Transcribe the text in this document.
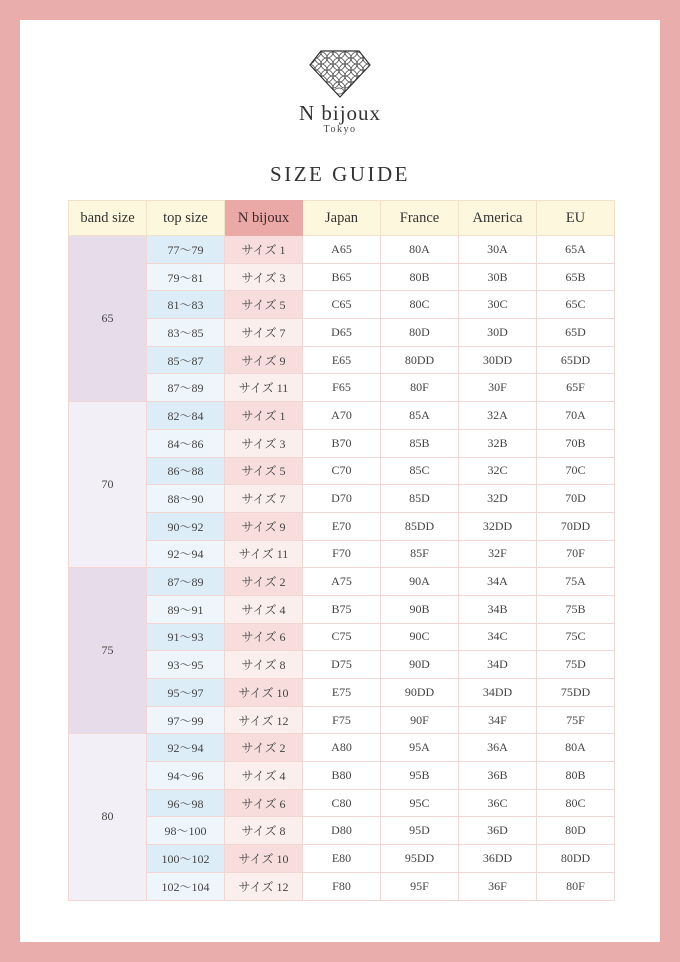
N bijoux
Tokyo
SIZE GUIDE
band size	top size	N bijoux	Japan	France	America	EU
65	77～79	サイズ 1	A65	80A	30A	65A
	79～81	サイズ 3	B65	80B	30B	65B
	81～83	サイズ 5	C65	80C	30C	65C
	83～85	サイズ 7	D65	80D	30D	65D
	85～87	サイズ 9	E65	80DD	30DD	65DD
	87～89	サイズ 11	F65	80F	30F	65F
70	82～84	サイズ 1	A70	85A	32A	70A
	84～86	サイズ 3	B70	85B	32B	70B
	86～88	サイズ 5	C70	85C	32C	70C
	88～90	サイズ 7	D70	85D	32D	70D
	90～92	サイズ 9	E70	85DD	32DD	70DD
	92～94	サイズ 11	F70	85F	32F	70F
75	87～89	サイズ 2	A75	90A	34A	75A
	89～91	サイズ 4	B75	90B	34B	75B
	91～93	サイズ 6	C75	90C	34C	75C
	93～95	サイズ 8	D75	90D	34D	75D
	95～97	サイズ 10	E75	90DD	34DD	75DD
	97～99	サイズ 12	F75	90F	34F	75F
80	92～94	サイズ 2	A80	95A	36A	80A
	94～96	サイズ 4	B80	95B	36B	80B
	96～98	サイズ 6	C80	95C	36C	80C
	98～100	サイズ 8	D80	95D	36D	80D
	100～102	サイズ 10	E80	95DD	36DD	80DD
	102～104	サイズ 12	F80	95F	36F	80F
